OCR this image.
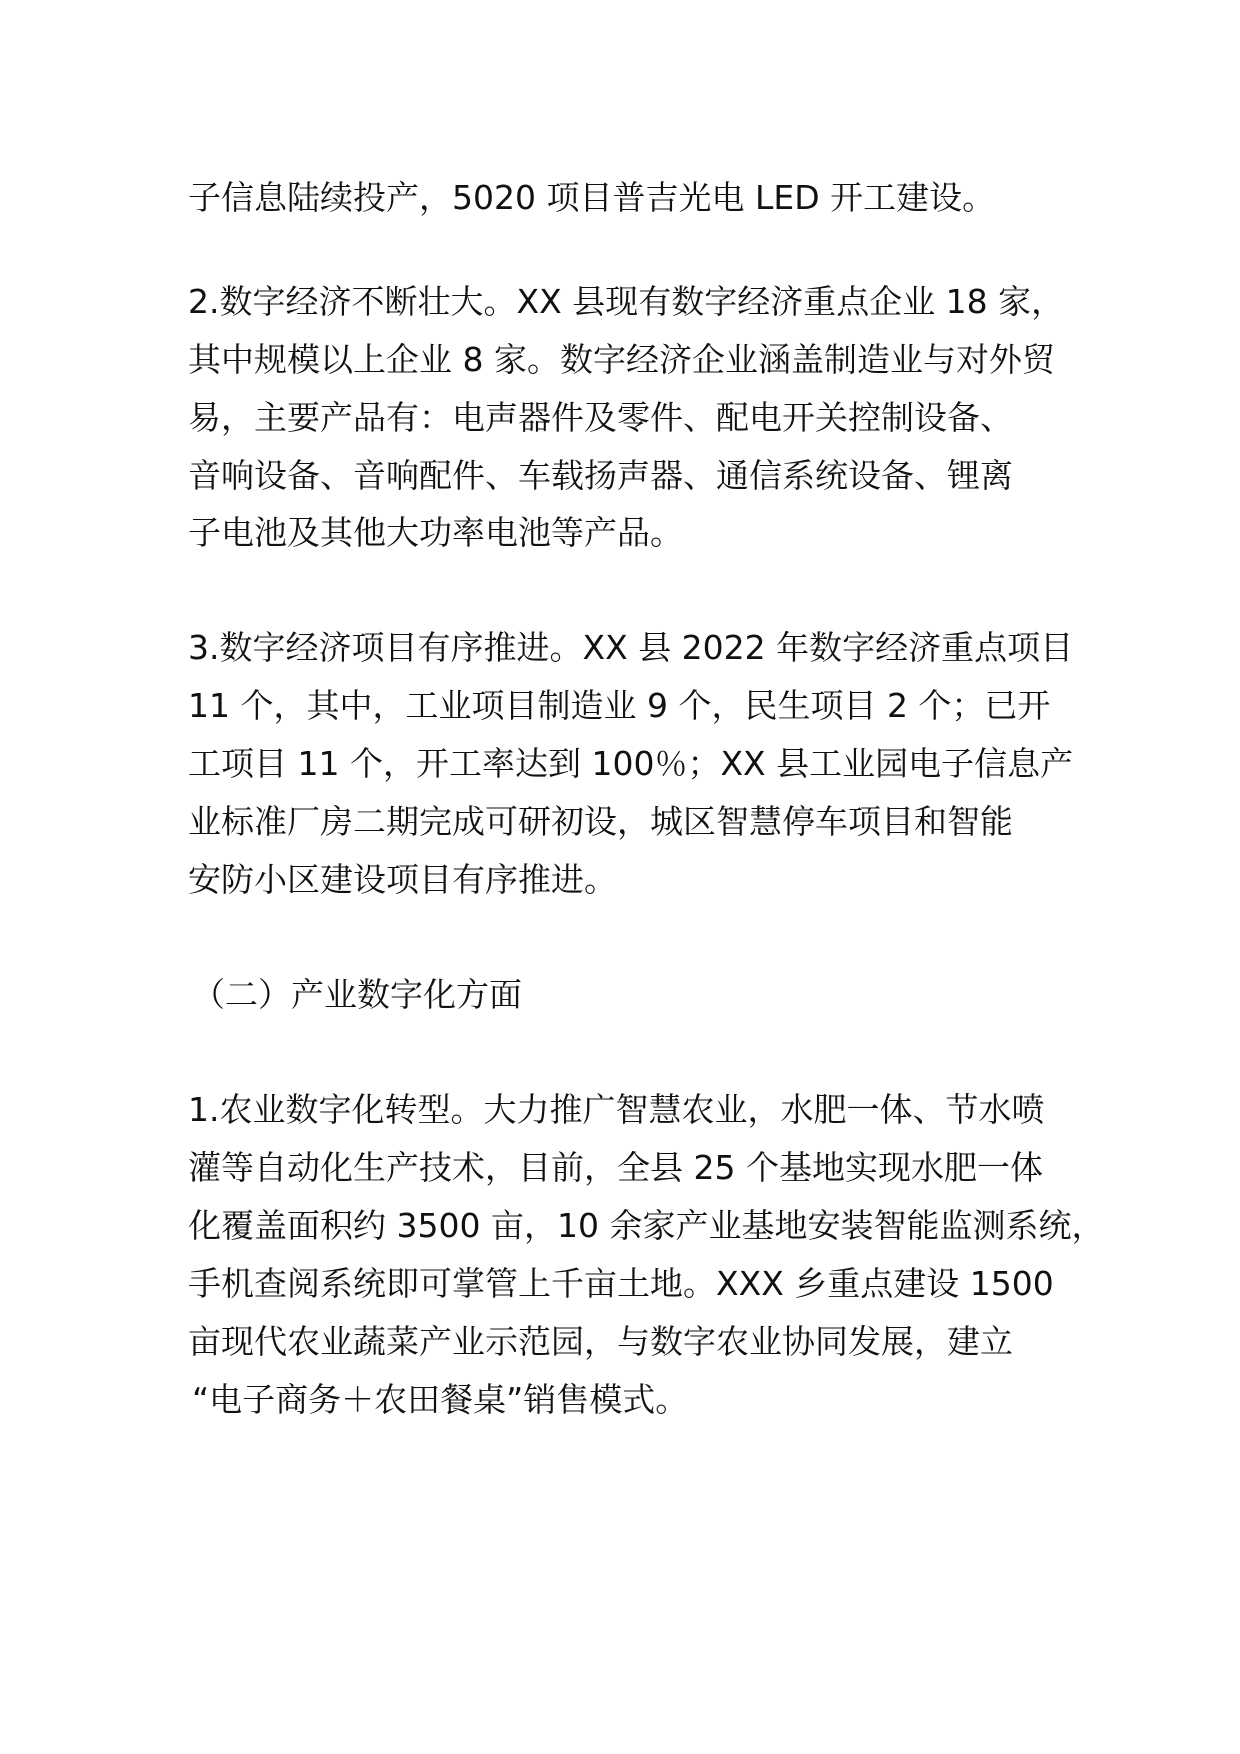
子信息陆续投产，5020 项目普吉光电 LED 开工建设。
2.数字经济不断壮大。XX 县现有数字经济重点企业 18 家，
其中规模以上企业 8 家。数字经济企业涵盖制造业与对外贸
易，主要产品有：电声器件及零件、配电开关控制设备、
音响设备、音响配件、车载扬声器、通信系统设备、锂离
子电池及其他大功率电池等产品。
3.数字经济项目有序推进。XX 县 2022 年数字经济重点项目
11 个，其中，工业项目制造业 9 个，民生项目 2 个；已开
工项目 11 个，开工率达到 100％；XX 县工业园电子信息产
业标准厂房二期完成可研初设，城区智慧停车项目和智能
安防小区建设项目有序推进。
（二）产业数字化方面
1.农业数字化转型。大力推广智慧农业，水肥一体、节水喷
灌等自动化生产技术，目前，全县 25 个基地实现水肥一体
化覆盖面积约 3500 亩，10 余家产业基地安装智能监测系统，
手机查阅系统即可掌管上千亩土地。XXX 乡重点建设 1500
亩现代农业蔬菜产业示范园，与数字农业协同发展，建立
“电子商务＋农田餐桌”销售模式。
